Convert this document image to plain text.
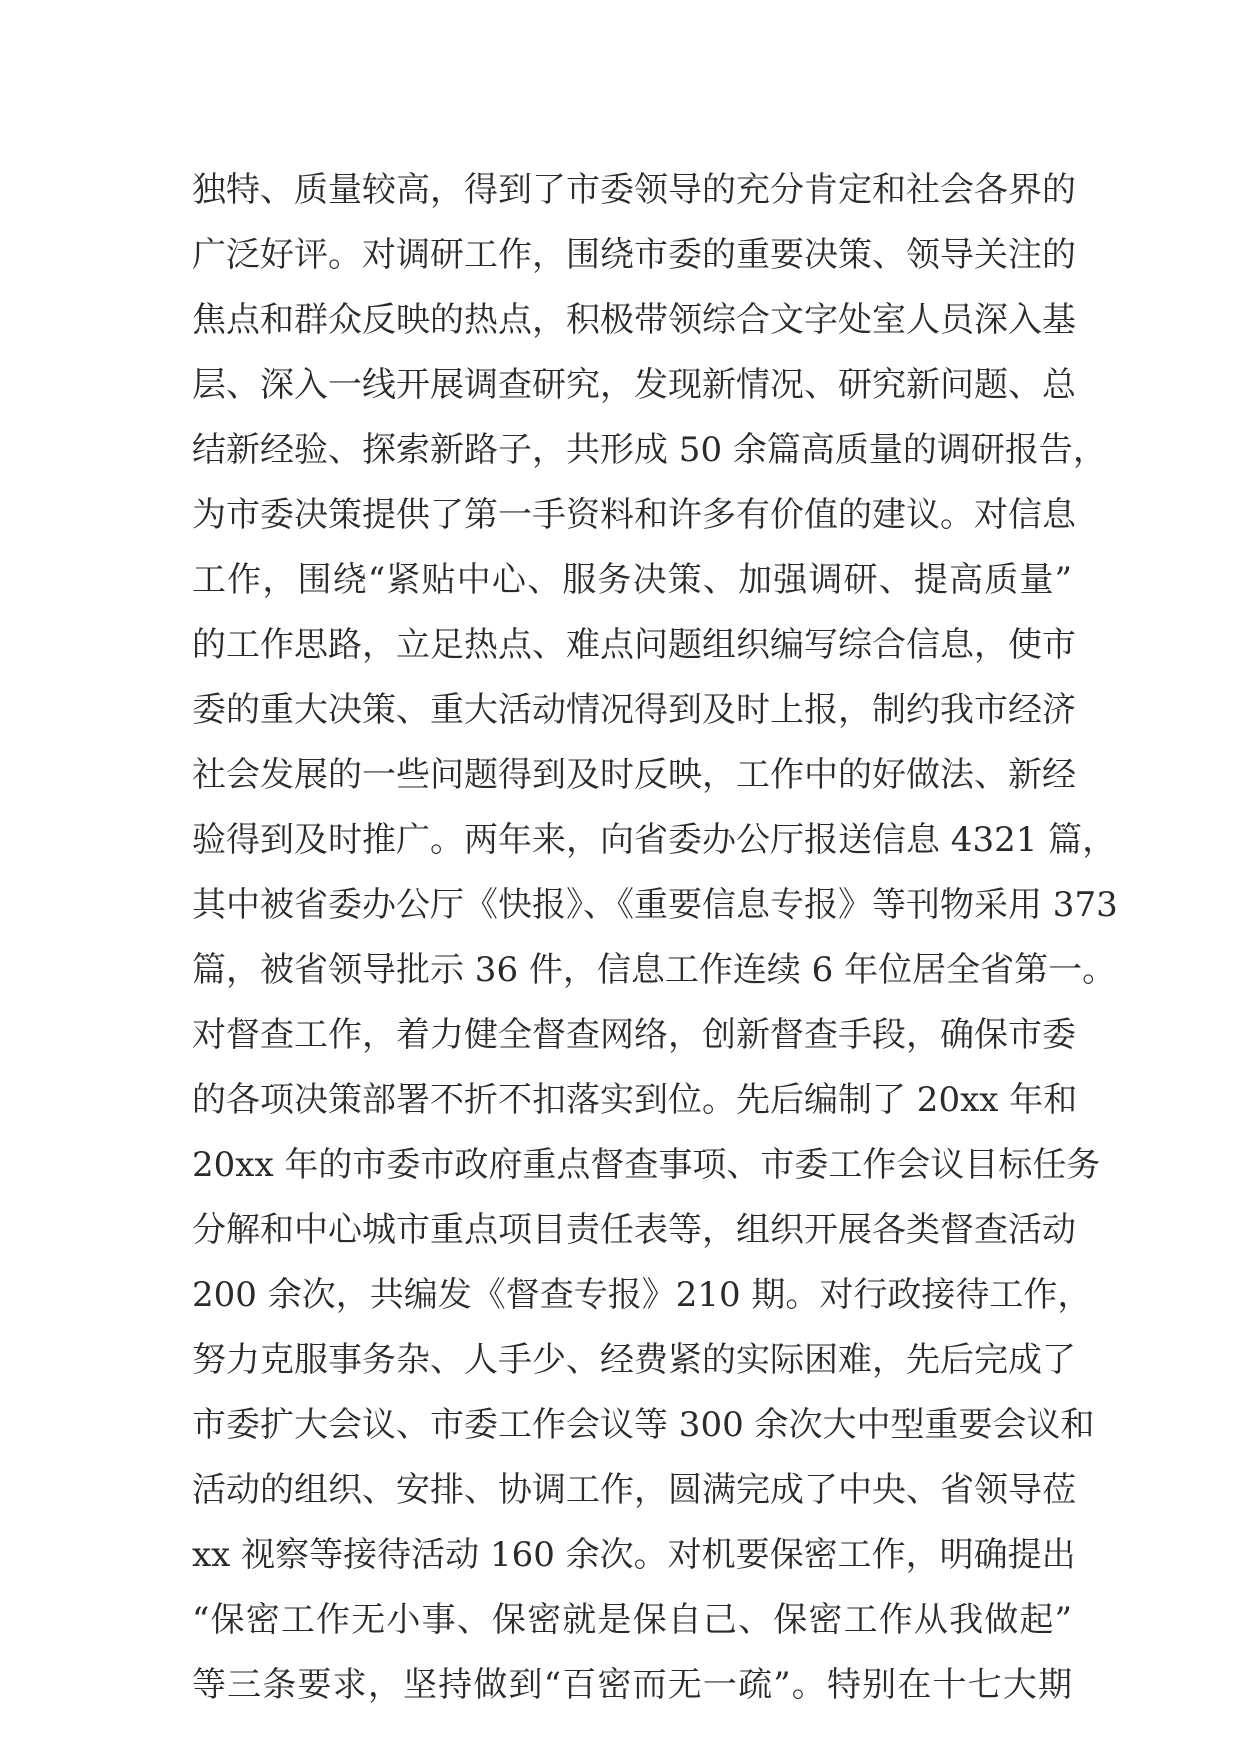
独特、质量较高，得到了市委领导的充分肯定和社会各界的
广泛好评。对调研工作，围绕市委的重要决策、领导关注的
焦点和群众反映的热点，积极带领综合文字处室人员深入基
层、深入一线开展调查研究，发现新情况、研究新问题、总
结新经验、探索新路子，共形成 50 余篇高质量的调研报告，
为市委决策提供了第一手资料和许多有价值的建议。对信息
工作，围绕“紧贴中心、服务决策、加强调研、提高质量”
的工作思路，立足热点、难点问题组织编写综合信息，使市
委的重大决策、重大活动情况得到及时上报，制约我市经济
社会发展的一些问题得到及时反映，工作中的好做法、新经
验得到及时推广。两年来，向省委办公厅报送信息 4321 篇，
其中被省委办公厅《快报》、《重要信息专报》等刊物采用 373
篇，被省领导批示 36 件，信息工作连续 6 年位居全省第一。
对督查工作，着力健全督查网络，创新督查手段，确保市委
的各项决策部署不折不扣落实到位。先后编制了 20xx 年和
20xx 年的市委市政府重点督查事项、市委工作会议目标任务
分解和中心城市重点项目责任表等，组织开展各类督查活动
200 余次，共编发《督查专报》210 期。对行政接待工作，
努力克服事务杂、人手少、经费紧的实际困难，先后完成了
市委扩大会议、市委工作会议等 300 余次大中型重要会议和
活动的组织、安排、协调工作，圆满完成了中央、省领导莅
xx 视察等接待活动 160 余次。对机要保密工作，明确提出
“保密工作无小事、保密就是保自己、保密工作从我做起”
等三条要求，坚持做到“百密而无一疏”。特别在十七大期
